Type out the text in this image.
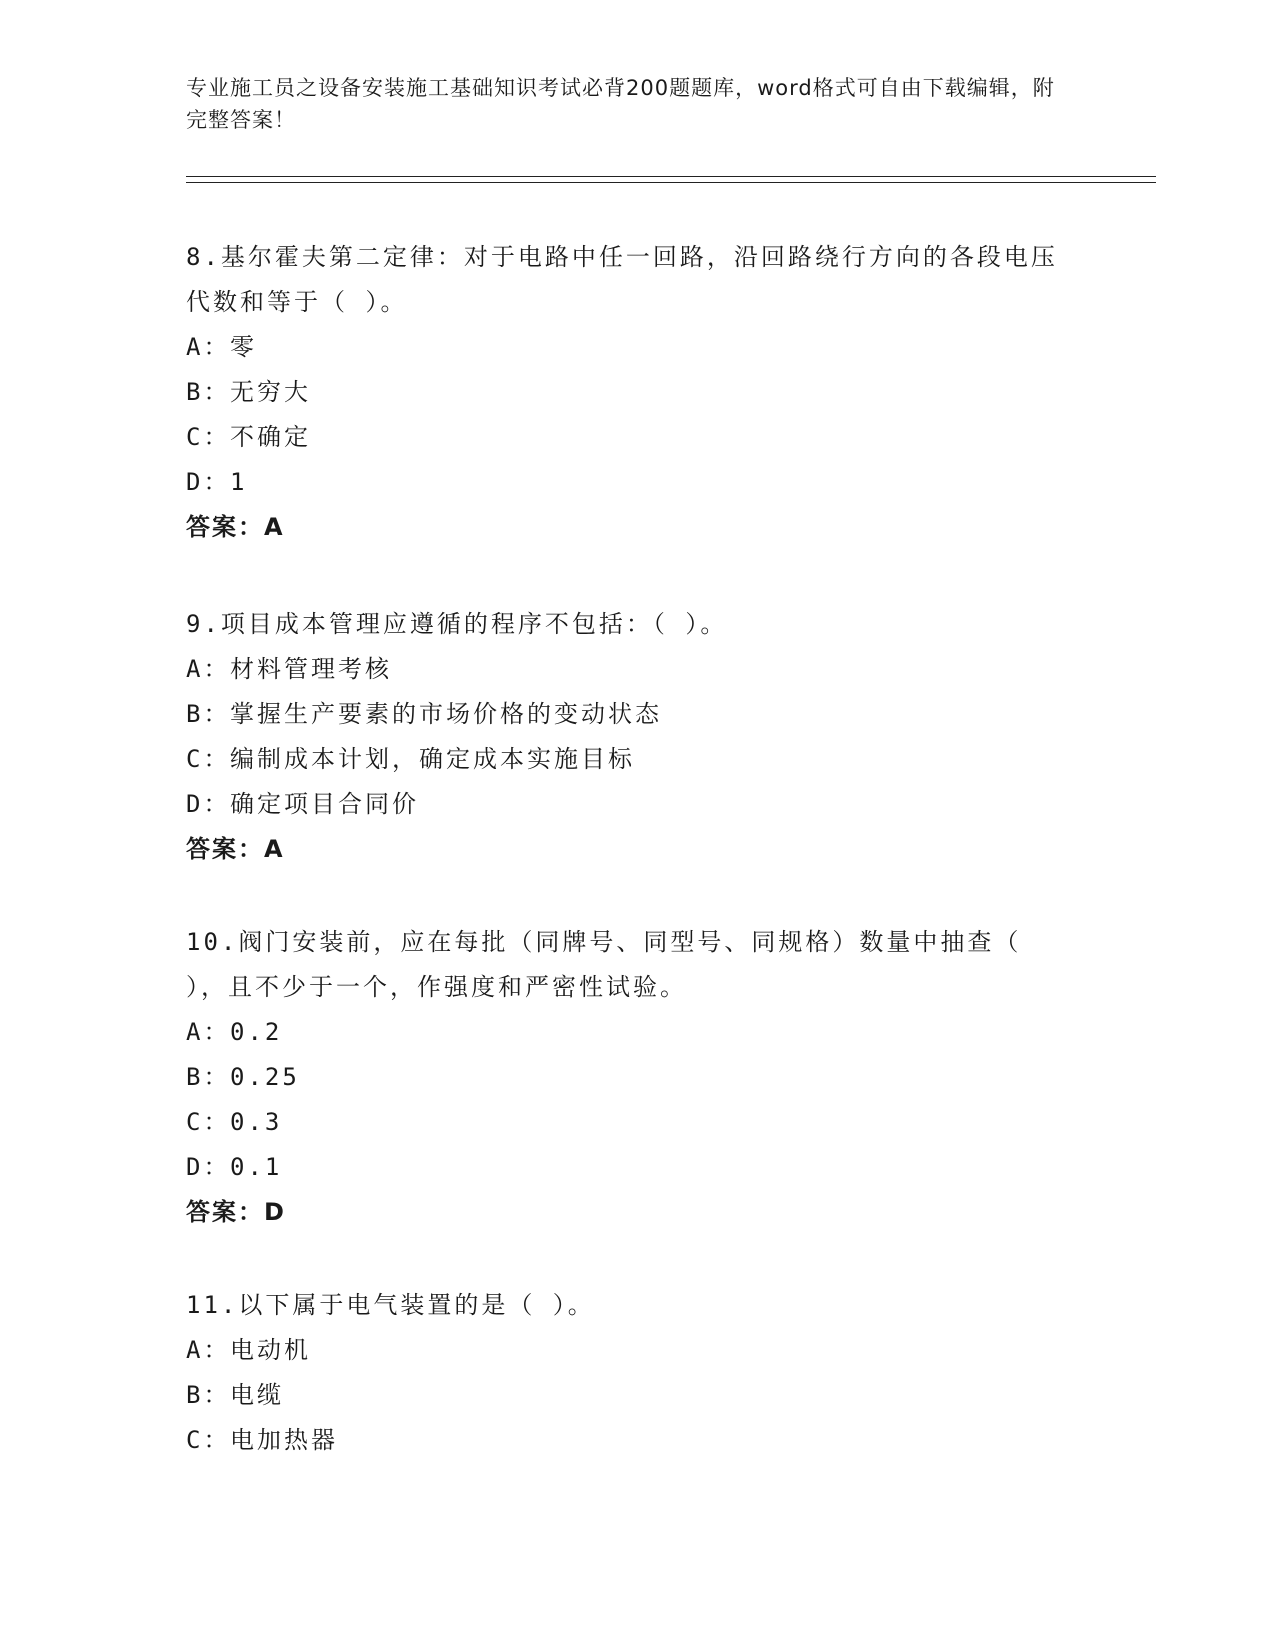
专业施工员之设备安装施工基础知识考试必背200题题库，word格式可自由下载编辑，附完整答案！

8.基尔霍夫第二定律：对于电路中任一回路，沿回路绕行方向的各段电压代数和等于（ ）。

A：零

B：无穷大

C：不确定

D：1

答案：A

9.项目成本管理应遵循的程序不包括：（ ）。

A：材料管理考核

B：掌握生产要素的市场价格的变动状态

C：编制成本计划，确定成本实施目标

D：确定项目合同价

答案：A

10.阀门安装前，应在每批（同牌号、同型号、同规格）数量中抽查（ ），且不少于一个，作强度和严密性试验。

A：0.2

B：0.25

C：0.3

D：0.1

答案：D

11.以下属于电气装置的是（ ）。

A：电动机

B：电缆

C：电加热器
